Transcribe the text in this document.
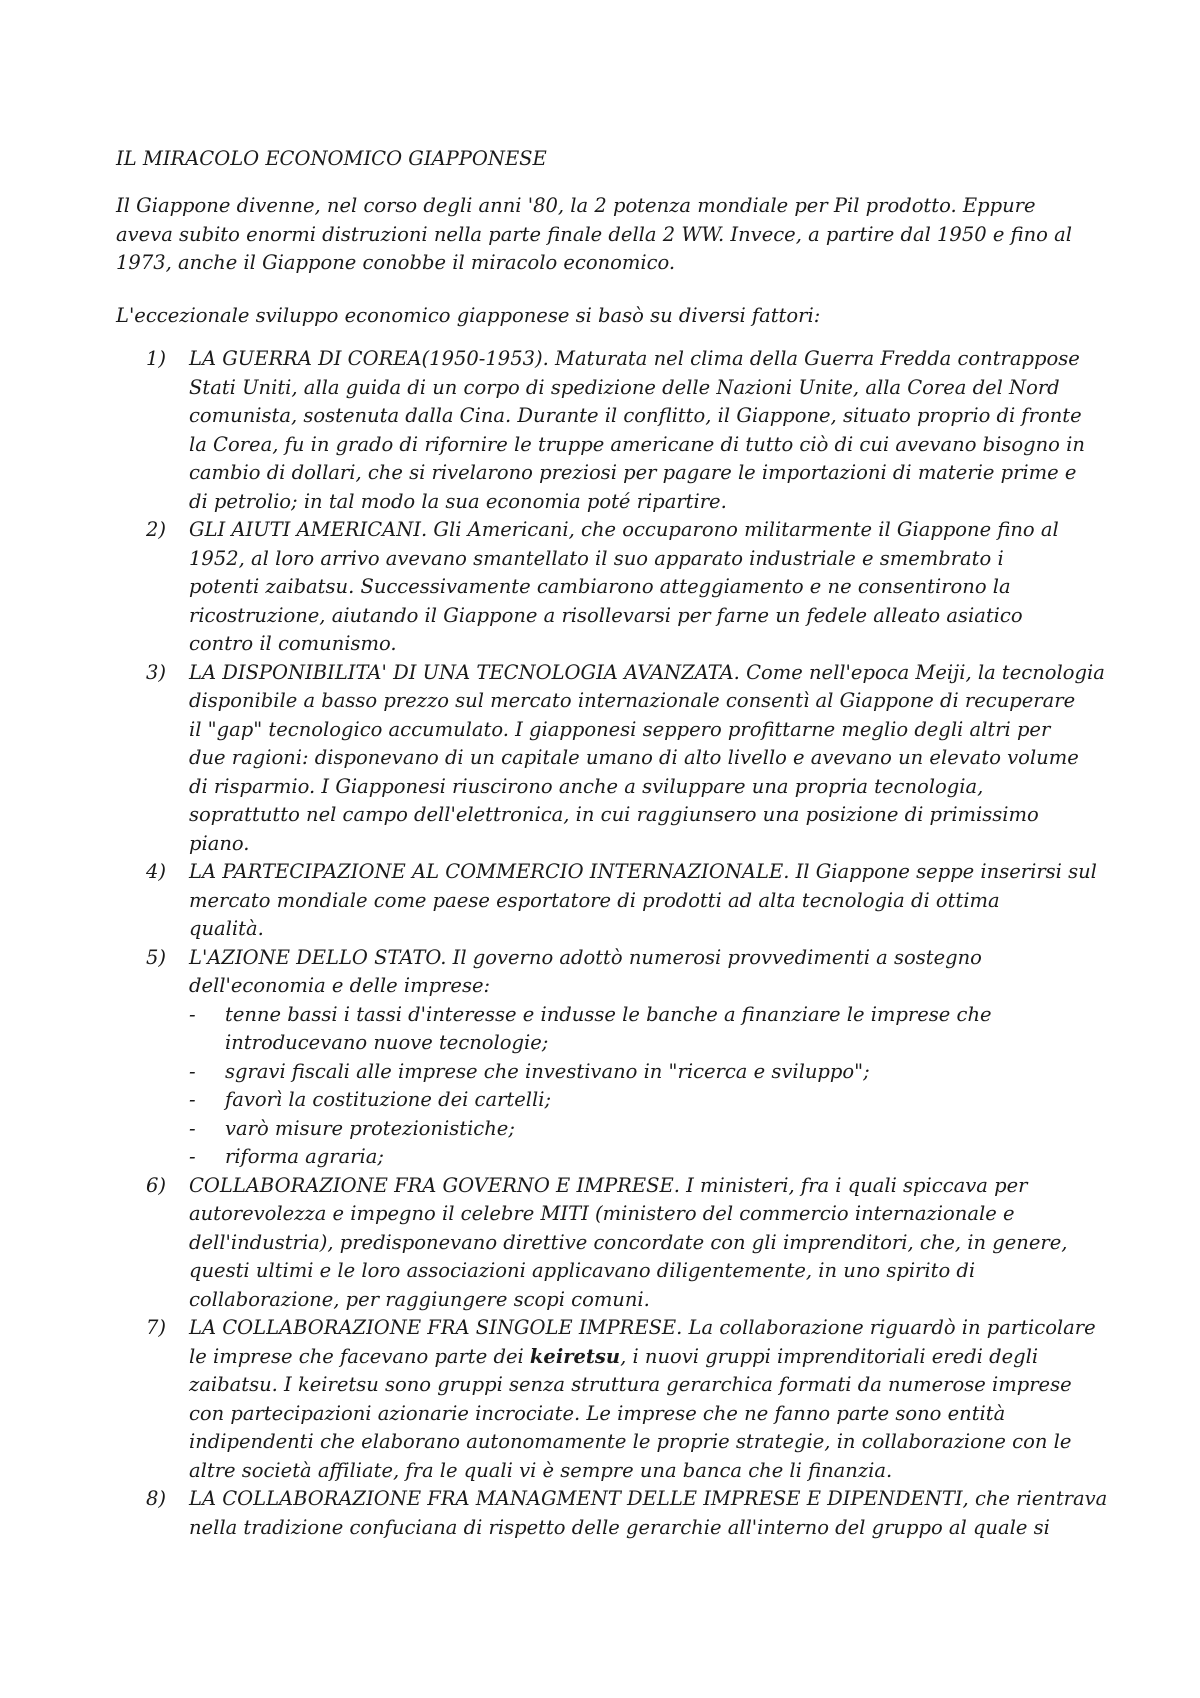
IL MIRACOLO ECONOMICO GIAPPONESE
Il Giappone divenne, nel corso degli anni '80, la 2 potenza mondiale per Pil prodotto. Eppure
aveva subito enormi distruzioni nella parte finale della 2 WW. Invece, a partire dal 1950 e fino al
1973, anche il Giappone conobbe il miracolo economico.
L'eccezionale sviluppo economico giapponese si basò su diversi fattori:
1)	LA GUERRA DI COREA(1950-1953). Maturata nel clima della Guerra Fredda contrappose
Stati Uniti, alla guida di un corpo di spedizione delle Nazioni Unite, alla Corea del Nord
comunista, sostenuta dalla Cina. Durante il conflitto, il Giappone, situato proprio di fronte
la Corea, fu in grado di rifornire le truppe americane di tutto ciò di cui avevano bisogno in
cambio di dollari, che si rivelarono preziosi per pagare le importazioni di materie prime e
di petrolio; in tal modo la sua economia poté ripartire.
2)	GLI AIUTI AMERICANI. Gli Americani, che occuparono militarmente il Giappone fino al
1952, al loro arrivo avevano smantellato il suo apparato industriale e smembrato i
potenti zaibatsu. Successivamente cambiarono atteggiamento e ne consentirono la
ricostruzione, aiutando il Giappone a risollevarsi per farne un fedele alleato asiatico
contro il comunismo.
3)	LA DISPONIBILITA' DI UNA TECNOLOGIA AVANZATA. Come nell'epoca Meiji, la tecnologia
disponibile a basso prezzo sul mercato internazionale consentì al Giappone di recuperare
il "gap" tecnologico accumulato. I giapponesi seppero profittarne meglio degli altri per
due ragioni: disponevano di un capitale umano di alto livello e avevano un elevato volume
di risparmio. I Giapponesi riuscirono anche a sviluppare una propria tecnologia,
soprattutto nel campo dell'elettronica, in cui raggiunsero una posizione di primissimo
piano.
4)	LA PARTECIPAZIONE AL COMMERCIO INTERNAZIONALE. Il Giappone seppe inserirsi sul
mercato mondiale come paese esportatore di prodotti ad alta tecnologia di ottima
qualità.
5)	L'AZIONE DELLO STATO. Il governo adottò numerosi provvedimenti a sostegno
dell'economia e delle imprese:
-	tenne bassi i tassi d'interesse e indusse le banche a finanziare le imprese che
introducevano nuove tecnologie;
-	sgravi fiscali alle imprese che investivano in "ricerca e sviluppo";
-	favorì la costituzione dei cartelli;
-	varò misure protezionistiche;
-	riforma agraria;
6)	COLLABORAZIONE FRA GOVERNO E IMPRESE. I ministeri, fra i quali spiccava per
autorevolezza e impegno il celebre MITI (ministero del commercio internazionale e
dell'industria), predisponevano direttive concordate con gli imprenditori, che, in genere,
questi ultimi e le loro associazioni applicavano diligentemente, in uno spirito di
collaborazione, per raggiungere scopi comuni.
7)	LA COLLABORAZIONE FRA SINGOLE IMPRESE. La collaborazione riguardò in particolare
le imprese che facevano parte dei keiretsu, i nuovi gruppi imprenditoriali eredi degli
zaibatsu. I keiretsu sono gruppi senza struttura gerarchica formati da numerose imprese
con partecipazioni azionarie incrociate. Le imprese che ne fanno parte sono entità
indipendenti che elaborano autonomamente le proprie strategie, in collaborazione con le
altre società affiliate, fra le quali vi è sempre una banca che li finanzia.
8)	LA COLLABORAZIONE FRA MANAGMENT DELLE IMPRESE E DIPENDENTI, che rientrava
nella tradizione confuciana di rispetto delle gerarchie all'interno del gruppo al quale si
